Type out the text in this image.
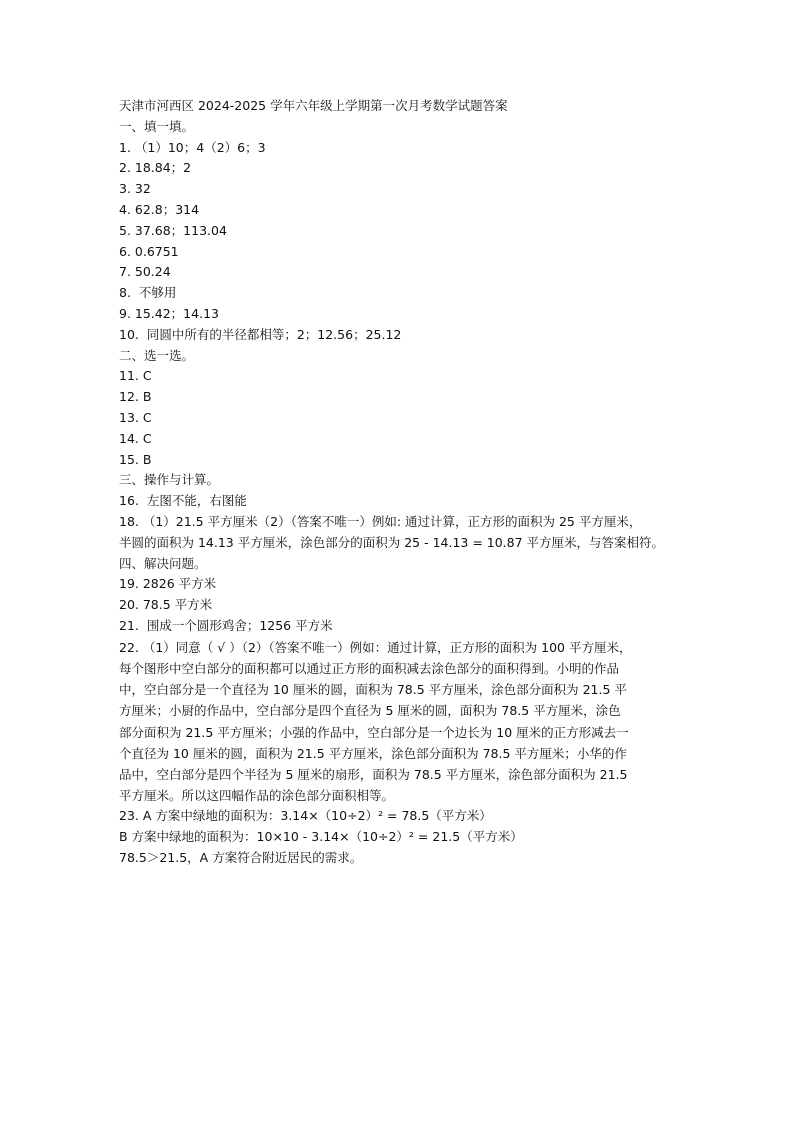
天津市河西区 2024-2025 学年六年级上学期第一次月考数学试题答案
一、填一填。
1. （1）10；4（2）6；3
2. 18.84；2
3. 32
4. 62.8；314
5. 37.68；113.04
6. 0.6751
7. 50.24
8.  不够用
9. 15.42；14.13
10.  同圆中所有的半径都相等；2；12.56；25.12
二、选一选。
11. C
12. B
13. C
14. C
15. B
三、操作与计算。
16.  左图不能，右图能
18. （1）21.5 平方厘米（2）（答案不唯一）例如: 通过计算，正方形的面积为 25 平方厘米，
半圆的面积为 14.13 平方厘米，涂色部分的面积为 25 - 14.13 = 10.87 平方厘米，与答案相符。
四、解决问题。
19. 2826 平方米
20. 78.5 平方米
21.  围成一个圆形鸡舍；1256 平方米

22. （1）同意（ √ ）（2）（答案不唯一）例如：通过计算，正方形的面积为 100 平方厘米，

每个图形中空白部分的面积都可以通过正方形的面积减去涂色部分的面积得到。小明的作品

中，空白部分是一个直径为 10 厘米的圆，面积为 78.5 平方厘米，涂色部分面积为 21.5 平

方厘米；小厨的作品中，空白部分是四个直径为 5 厘米的圆，面积为 78.5 平方厘米，涂色

部分面积为 21.5 平方厘米；小强的作品中，空白部分是一个边长为 10 厘米的正方形减去一

个直径为 10 厘米的圆，面积为 21.5 平方厘米，涂色部分面积为 78.5 平方厘米；小华的作

品中，空白部分是四个半径为 5 厘米的扇形，面积为 78.5 平方厘米，涂色部分面积为 21.5

平方厘米。所以这四幅作品的涂色部分面积相等。

23. A 方案中绿地的面积为：3.14×（10÷2）² = 78.5（平方米）
B 方案中绿地的面积为：10×10 - 3.14×（10÷2）² = 21.5（平方米）
78.5＞21.5，A 方案符合附近居民的需求。
